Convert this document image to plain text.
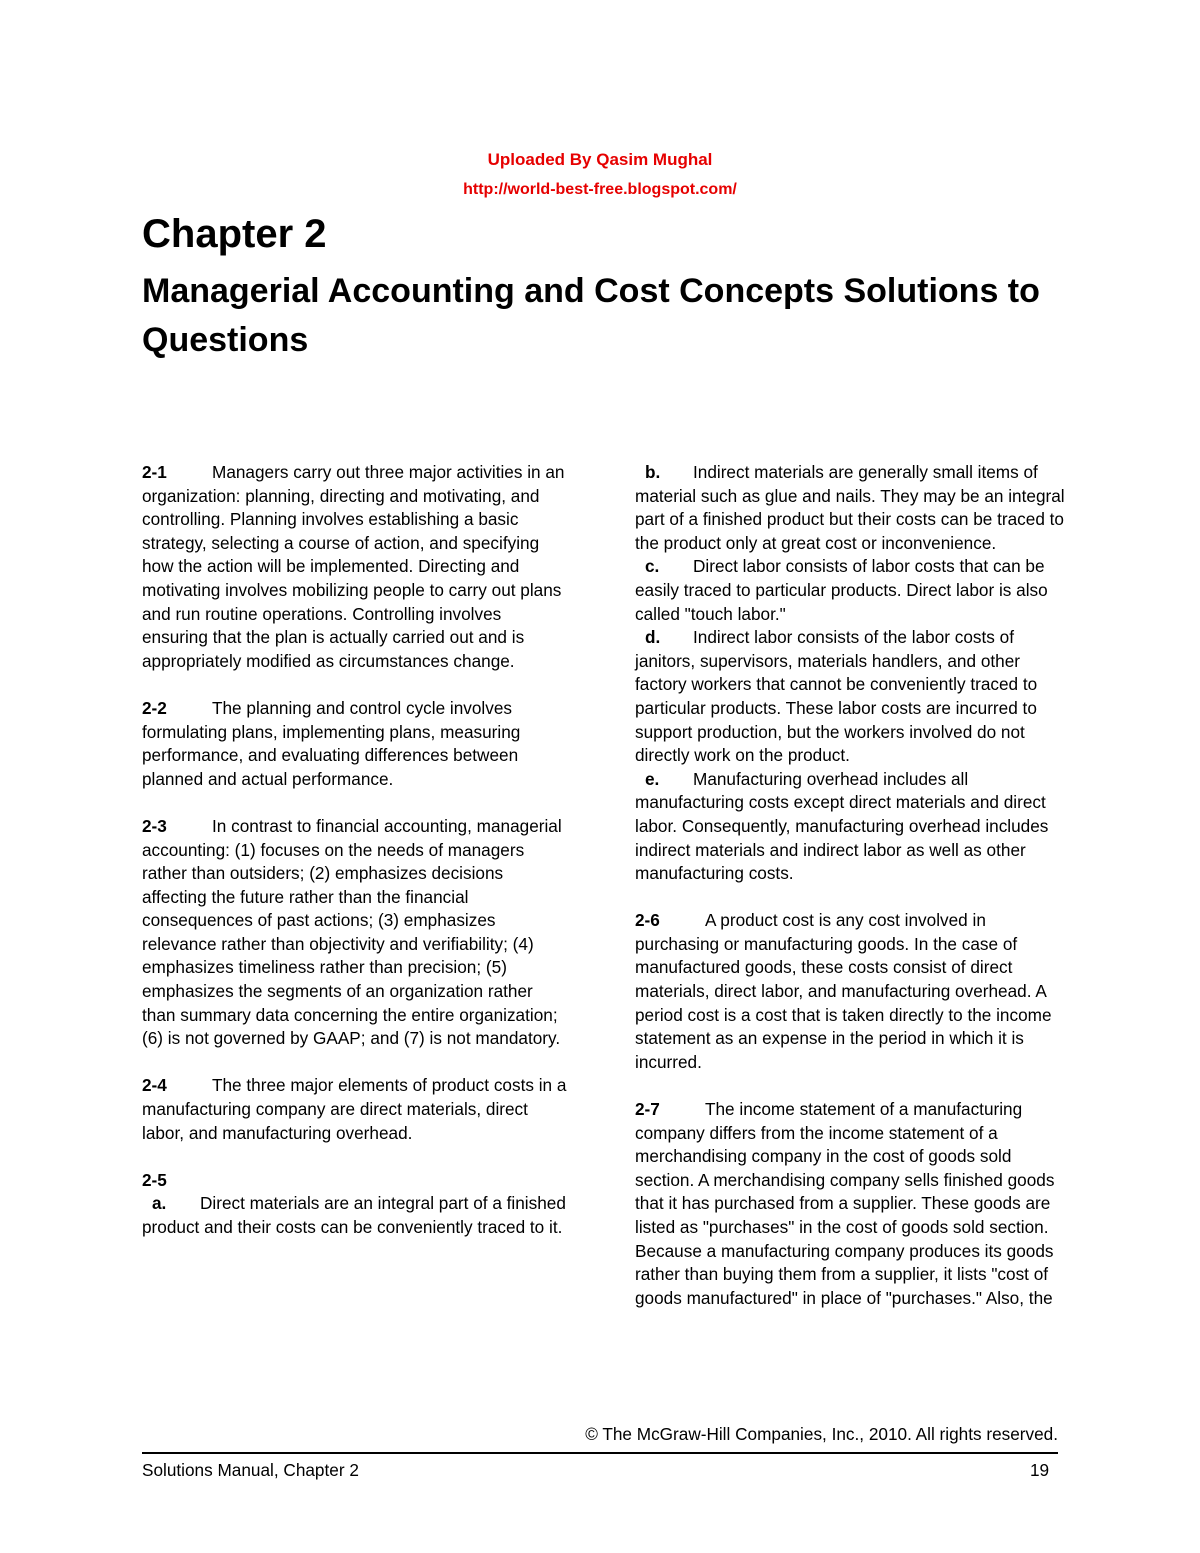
Uploaded By Qasim Mughal
http://world-best-free.blogspot.com/
Chapter 2
Managerial Accounting and Cost Concepts Solutions to Questions

2-1	Managers carry out three major activities in an organization: planning, directing and motivating, and controlling. Planning involves establishing a basic strategy, selecting a course of action, and specifying how the action will be implemented. Directing and motivating involves mobilizing people to carry out plans and run routine operations. Controlling involves ensuring that the plan is actually carried out and is appropriately modified as circumstances change.

2-2	The planning and control cycle involves formulating plans, implementing plans, measuring performance, and evaluating differences between planned and actual performance.

2-3	In contrast to financial accounting, managerial accounting: (1) focuses on the needs of managers rather than outsiders; (2) emphasizes decisions affecting the future rather than the financial consequences of past actions; (3) emphasizes relevance rather than objectivity and verifiability; (4) emphasizes timeliness rather than precision; (5) emphasizes the segments of an organization rather than summary data concerning the entire organization; (6) is not governed by GAAP; and (7) is not mandatory.

2-4	The three major elements of product costs in a manufacturing company are direct materials, direct labor, and manufacturing overhead.

2-5

a. Direct materials are an integral part of a finished product and their costs can be conveniently traced to it.

b. Indirect materials are generally small items of material such as glue and nails. They may be an integral part of a finished product but their costs can be traced to the product only at great cost or inconvenience.

c. Direct labor consists of labor costs that can be easily traced to particular products. Direct labor is also called "touch labor."

d. Indirect labor consists of the labor costs of janitors, supervisors, materials handlers, and other factory workers that cannot be conveniently traced to particular products. These labor costs are incurred to support production, but the workers involved do not directly work on the product.

e. Manufacturing overhead includes all manufacturing costs except direct materials and direct labor. Consequently, manufacturing overhead includes indirect materials and indirect labor as well as other manufacturing costs.

2-6	A product cost is any cost involved in purchasing or manufacturing goods. In the case of manufactured goods, these costs consist of direct materials, direct labor, and manufacturing overhead. A period cost is a cost that is taken directly to the income statement as an expense in the period in which it is incurred.

2-7	The income statement of a manufacturing company differs from the income statement of a merchandising company in the cost of goods sold section. A merchandising company sells finished goods that it has purchased from a supplier. These goods are listed as "purchases" in the cost of goods sold section. Because a manufacturing company produces its goods rather than buying them from a supplier, it lists "cost of goods manufactured" in place of "purchases." Also, the

© The McGraw-Hill Companies, Inc., 2010. All rights reserved.
Solutions Manual, Chapter 2	19
